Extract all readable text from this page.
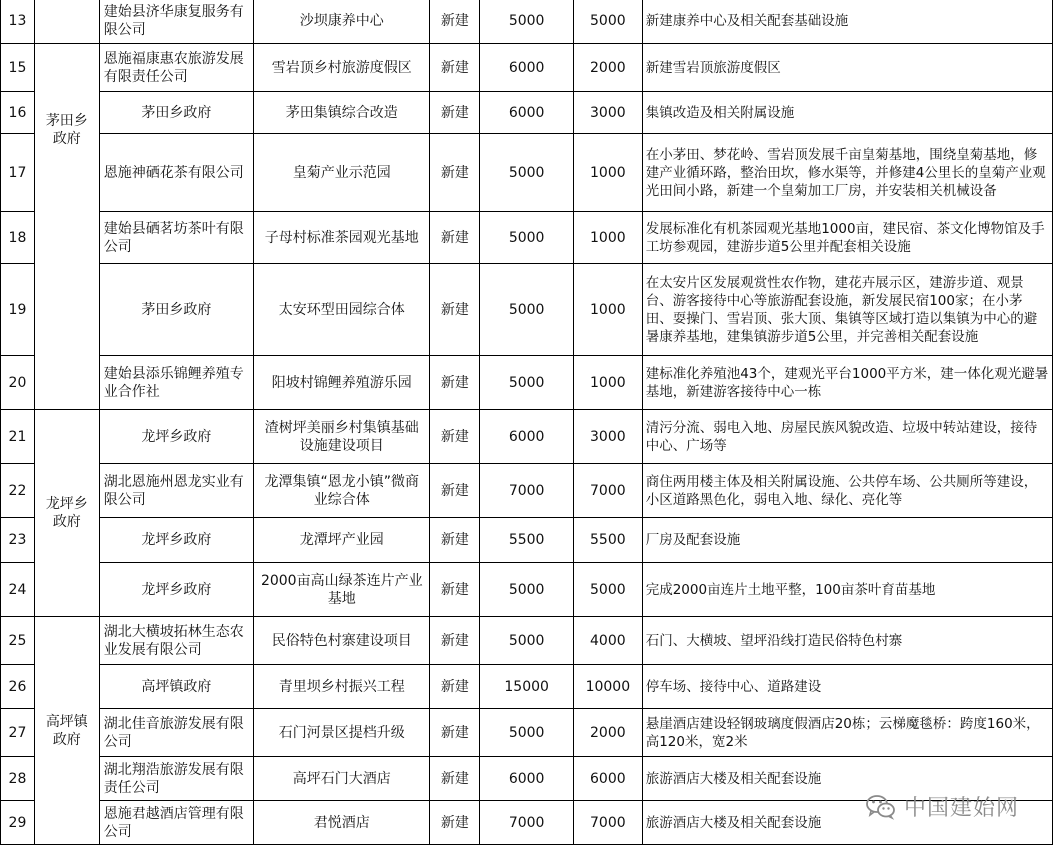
13		建始县济华康复服务有限公司	沙坝康养中心	新建	5000	5000	新建康养中心及相关配套基础设施
15	茅田乡政府	恩施福康惠农旅游发展有限责任公司	雪岩顶乡村旅游度假区	新建	6000	2000	新建雪岩顶旅游度假区
16		茅田乡政府	茅田集镇综合改造	新建	6000	3000	集镇改造及相关附属设施
17		恩施神硒花茶有限公司	皇菊产业示范园	新建	5000	1000	在小茅田、梦花岭、雪岩顶发展千亩皇菊基地，围绕皇菊基地，修建产业循环路，整治田坎，修水渠等，并修建4公里长的皇菊产业观光田间小路，新建一个皇菊加工厂房，并安装相关机械设备
18		建始县硒茗坊茶叶有限公司	子母村标准茶园观光基地	新建	5000	1000	发展标准化有机茶园观光基地1000亩，建民宿、茶文化博物馆及手工坊参观园，建游步道5公里并配套相关设施
19		茅田乡政府	太安环型田园综合体	新建	5000	1000	在太安片区发展观赏性农作物，建花卉展示区，建游步道、观景台、游客接待中心等旅游配套设施，新发展民宿100家；在小茅田、耍操门、雪岩顶、张大顶、集镇等区域打造以集镇为中心的避暑康养基地，建集镇游步道5公里，并完善相关配套设施
20		建始县添乐锦鲤养殖专业合作社	阳坡村锦鲤养殖游乐园	新建	5000	1000	建标准化养殖池43个，建观光平台1000平方米，建一体化观光避暑基地，新建游客接待中心一栋
21	龙坪乡政府	龙坪乡政府	渣树坪美丽乡村集镇基础设施建设项目	新建	6000	3000	清污分流、弱电入地、房屋民族风貌改造、垃圾中转站建设，接待中心、广场等
22		湖北恩施州恩龙实业有限公司	龙潭集镇“恩龙小镇”微商业综合体	新建	7000	7000	商住两用楼主体及相关附属设施、公共停车场、公共厕所等建设，小区道路黑色化，弱电入地、绿化、亮化等
23		龙坪乡政府	龙潭坪产业园	新建	5500	5500	厂房及配套设施
24		龙坪乡政府	2000亩高山绿茶连片产业基地	新建	5000	5000	完成2000亩连片土地平整，100亩茶叶育苗基地
25	高坪镇政府	湖北大横坡拓林生态农业发展有限公司	民俗特色村寨建设项目	新建	5000	4000	石门、大横坡、望坪沿线打造民俗特色村寨
26		高坪镇政府	青里坝乡村振兴工程	新建	15000	10000	停车场、接待中心、道路建设
27		湖北佳音旅游发展有限公司	石门河景区提档升级	新建	5000	2000	悬崖酒店建设轻钢玻璃度假酒店20栋；云梯魔毯桥：跨度160米，高120米，宽2米
28		湖北翔浩旅游发展有限责任公司	高坪石门大酒店	新建	6000	6000	旅游酒店大楼及相关配套设施
29		恩施君越酒店管理有限公司	君悦酒店	新建	7000	7000	旅游酒店大楼及相关配套设施
中国建始网
